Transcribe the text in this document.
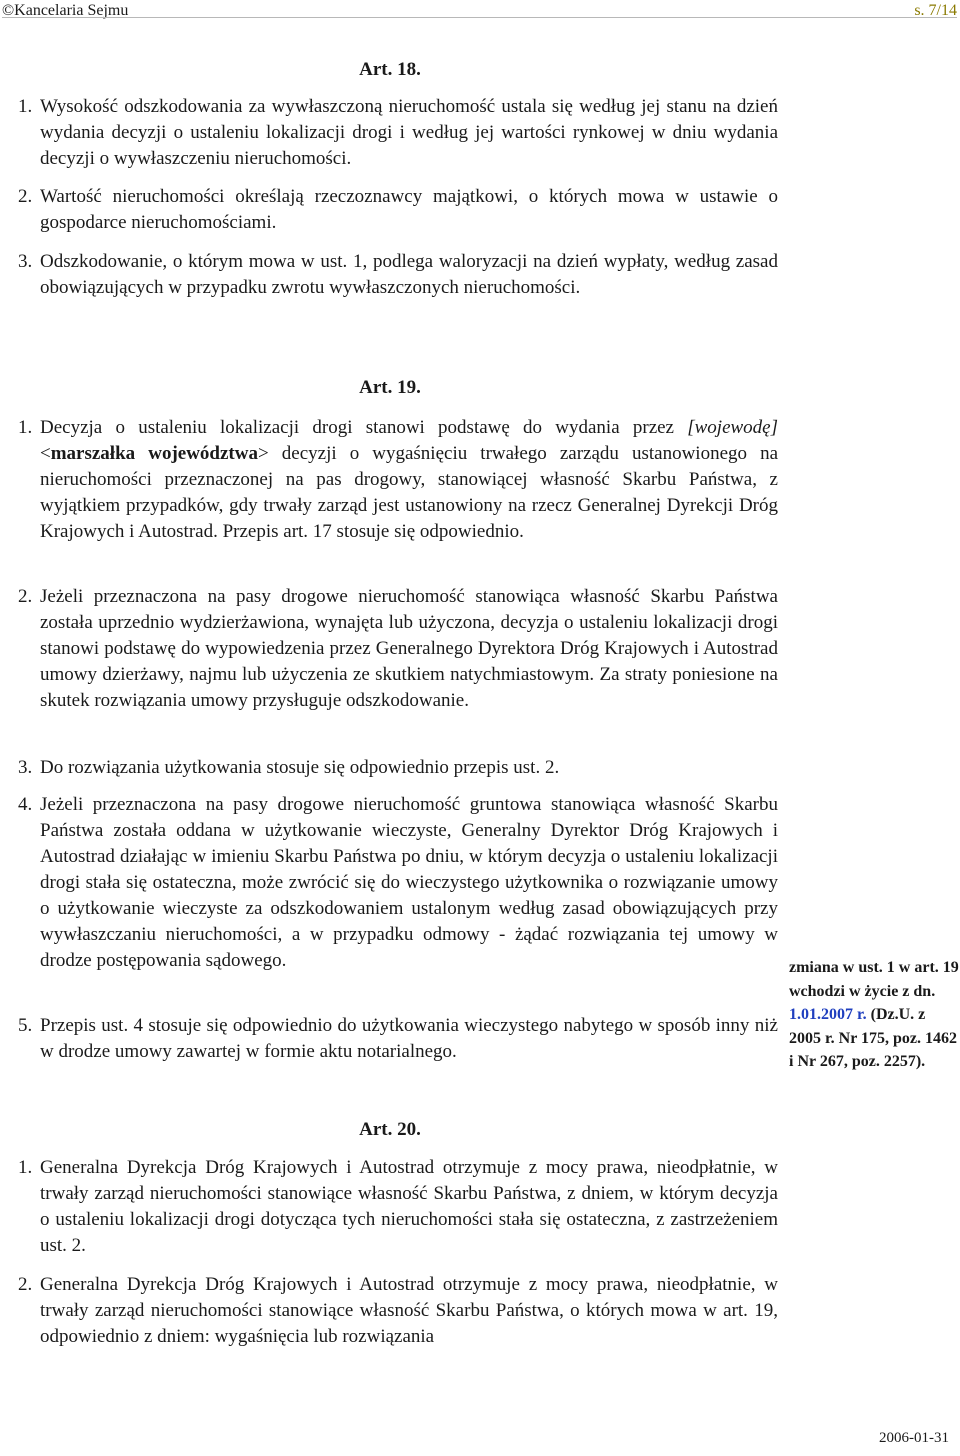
©Kancelaria Sejmu	s. 7/14
Art. 18.
1. Wysokość odszkodowania za wywłaszczoną nieruchomość ustala się według jej stanu na dzień wydania decyzji o ustaleniu lokalizacji drogi i według jej wartości rynkowej w dniu wydania decyzji o wywłaszczeniu nieruchomości.
2. Wartość nieruchomości określają rzeczoznawcy majątkowi, o których mowa w ustawie o gospodarce nieruchomościami.
3. Odszkodowanie, o którym mowa w ust. 1, podlega waloryzacji na dzień wypłaty, według zasad obowiązujących w przypadku zwrotu wywłaszczonych nieruchomości.
Art. 19.
1. Decyzja o ustaleniu lokalizacji drogi stanowi podstawę do wydania przez [wojewodę] <marszałka województwa> decyzji o wygaśnięciu trwałego zarządu ustanowionego na nieruchomości przeznaczonej na pas drogowy, stanowiącej własność Skarbu Państwa, z wyjątkiem przypadków, gdy trwały zarząd jest ustanowiony na rzecz Generalnej Dyrekcji Dróg Krajowych i Autostrad. Przepis art. 17 stosuje się odpowiednio.
2. Jeżeli przeznaczona na pasy drogowe nieruchomość stanowiąca własność Skarbu Państwa została uprzednio wydzierżawiona, wynajęta lub użyczona, decyzja o ustaleniu lokalizacji drogi stanowi podstawę do wypowiedzenia przez Generalnego Dyrektora Dróg Krajowych i Autostrad umowy dzierżawy, najmu lub użyczenia ze skutkiem natychmiastowym. Za straty poniesione na skutek rozwiązania umowy przysługuje odszkodowanie.
3. Do rozwiązania użytkowania stosuje się odpowiednio przepis ust. 2.
4. Jeżeli przeznaczona na pasy drogowe nieruchomość gruntowa stanowiąca własność Skarbu Państwa została oddana w użytkowanie wieczyste, Generalny Dyrektor Dróg Krajowych i Autostrad działając w imieniu Skarbu Państwa po dniu, w którym decyzja o ustaleniu lokalizacji drogi stała się ostateczna, może zwrócić się do wieczystego użytkownika o rozwiązanie umowy o użytkowanie wieczyste za odszkodowaniem ustalonym według zasad obowiązujących przy wywłaszczaniu nieruchomości, a w przypadku odmowy - żądać rozwiązania tej umowy w drodze postępowania sądowego.
5. Przepis ust. 4 stosuje się odpowiednio do użytkowania wieczystego nabytego w sposób inny niż w drodze umowy zawartej w formie aktu notarialnego.
zmiana w ust. 1 w art. 19 wchodzi w życie z dn. 1.01.2007 r. (Dz.U. z 2005 r. Nr 175, poz. 1462 i Nr 267, poz. 2257).
Art. 20.
1. Generalna Dyrekcja Dróg Krajowych i Autostrad otrzymuje z mocy prawa, nieodpłatnie, w trwały zarząd nieruchomości stanowiące własność Skarbu Państwa, z dniem, w którym decyzja o ustaleniu lokalizacji drogi dotycząca tych nieruchomości stała się ostateczna, z zastrzeżeniem ust. 2.
2. Generalna Dyrekcja Dróg Krajowych i Autostrad otrzymuje z mocy prawa, nieodpłatnie, w trwały zarząd nieruchomości stanowiące własność Skarbu Państwa, o których mowa w art. 19, odpowiednio z dniem: wygaśnięcia lub rozwiązania
2006-01-31
